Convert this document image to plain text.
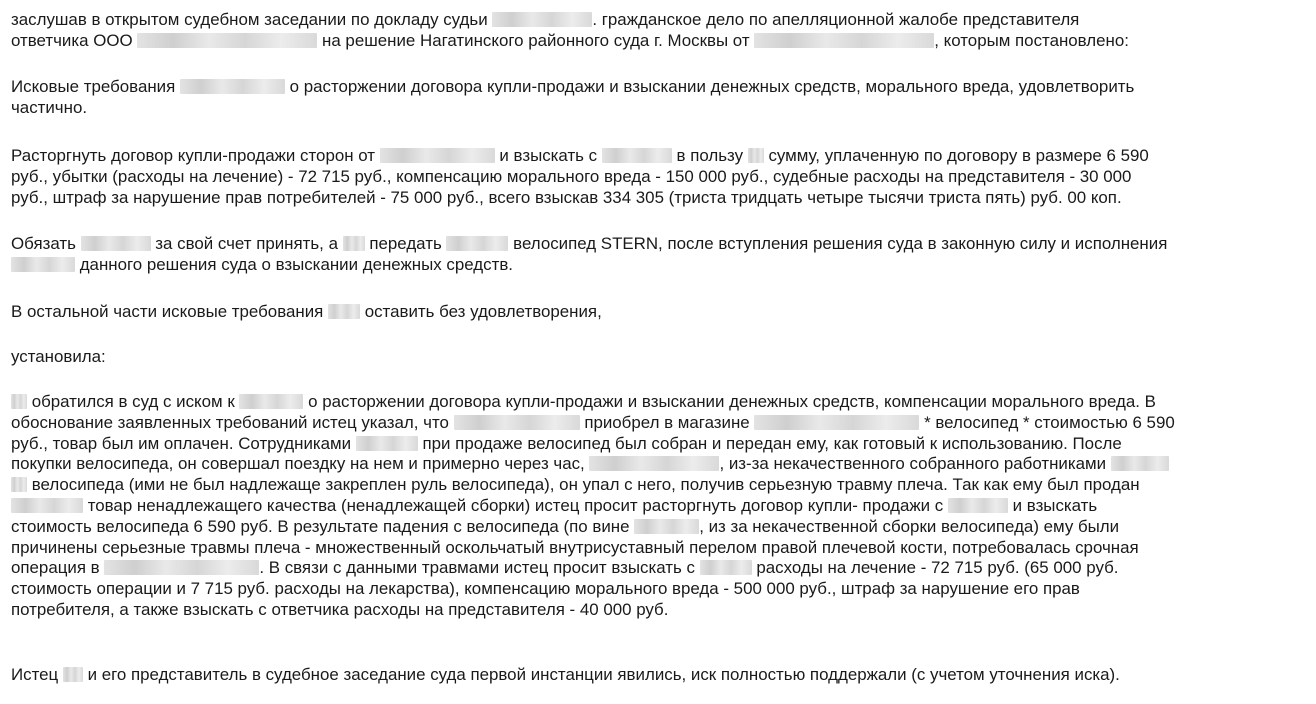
заслушав в открытом судебном заседании по докладу судьи	. гражданское дело по апелляционной жалобе представителя
ответчика ООО	на решение Нагатинского районного суда г. Москвы от	, которым постановлено:

Исковые требования	о расторжении договора купли-продажи и взыскании денежных средств, морального вреда, удовлетворить
частично.

Расторгнуть договор купли-продажи сторон от	и взыскать с	в пользу сумму, уплаченную по договору в размере 6 590
руб., убытки (расходы на лечение) - 72 715 руб., компенсацию морального вреда - 150 000 руб., судебные расходы на представителя - 30 000
руб., штраф за нарушение прав потребителей - 75 000 руб., всего взыскав 334 305 (триста тридцать четыре тысячи триста пять) руб. 00 коп.

Обязать	за свой счет принять, а передать	велосипед STERN, после вступления решения суда в законную силу и исполнения
данного решения суда о взыскании денежных средств.

В остальной части исковые требования оставить без удовлетворения,

установила:

обратился в суд с иском к	о расторжении договора купли-продажи и взыскании денежных средств, компенсации морального вреда. В
обоснование заявленных требований истец указал, что	приобрел в магазине	* велосипед * стоимостью 6 590
руб., товар был им оплачен. Сотрудниками	при продаже велосипед был собран и передан ему, как готовый к использованию. После
покупки велосипеда, он совершал поездку на нем и примерно через час,	, из-за некачественного собранного работниками
велосипеда (ими не был надлежаще закреплен руль велосипеда), он упал с него, получив серьезную травму плеча. Так как ему был продан
товар ненадлежащего качества (ненадлежащей сборки) истец просит расторгнуть договор купли- продажи с	и взыскать
стоимость велосипеда 6 590 руб. В результате падения с велосипеда (по вине	, из за некачественной сборки велосипеда) ему были
причинены серьезные травмы плеча - множественный оскольчатый внутрисуставный перелом правой плечевой кости, потребовалась срочная
операция в	. В связи с данными травмами истец просит взыскать с	расходы на лечение - 72 715 руб. (65 000 руб.
стоимость операции и 7 715 руб. расходы на лекарства), компенсацию морального вреда - 500 000 руб., штраф за нарушение его прав
потребителя, а также взыскать с ответчика расходы на представителя - 40 000 руб.

Истец и его представитель в судебное заседание суда первой инстанции явились, иск полностью поддержали (с учетом уточнения иска).
